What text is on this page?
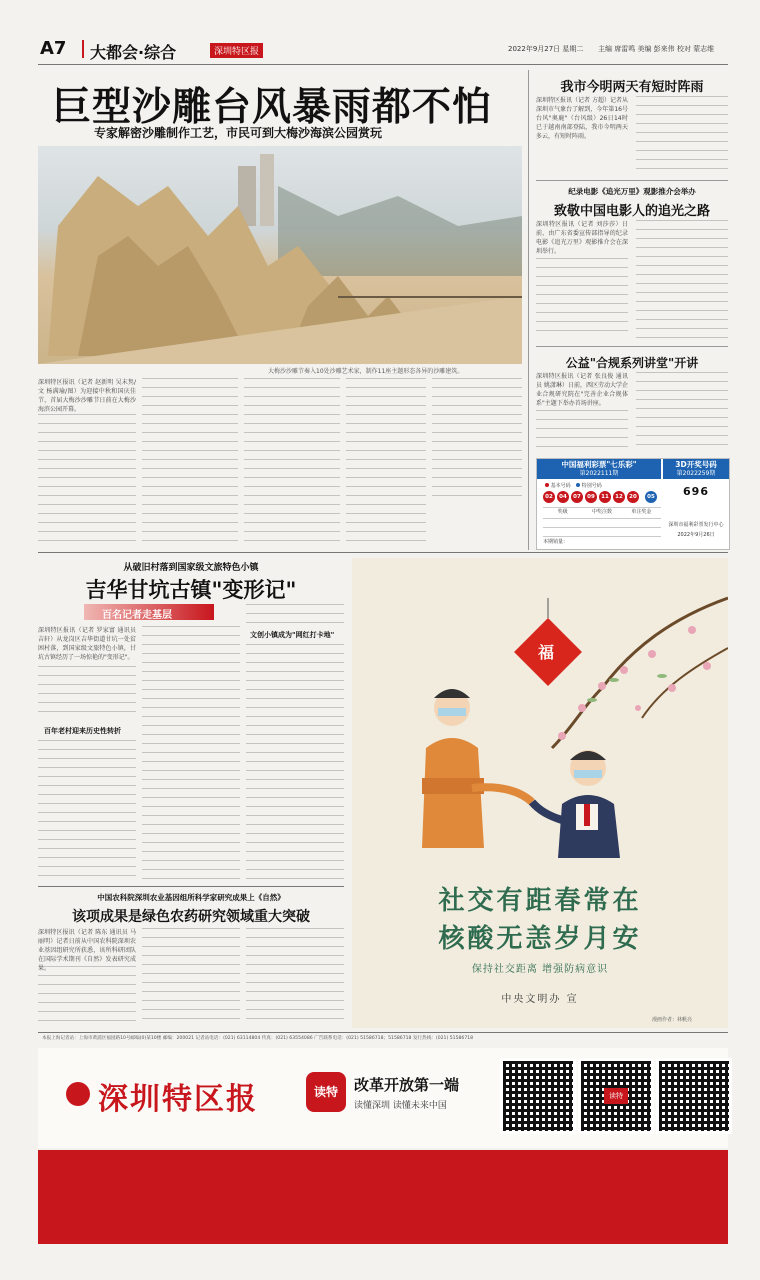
A7 大都会·综合	深圳特区报	2022年9月27日 星期二 主编 席雷鸣 美编 彭来伟 校对 蒙志维
巨型沙雕台风暴雨都不怕
专家解密沙雕制作工艺，市民可到大梅沙海滨公园赏玩
大梅沙沙雕节奏入10处沙雕艺术家，制作11座主题形态各异的沙雕建筑。
深圳特区报讯（记者 赵新明 吴末隽/文 杨满瑜/图）为迎接中秋和国庆佳节，首届大梅沙沙雕节日前在大梅沙海滨公园开幕。
我市今明两天有短时阵雨
深圳特区报讯（记者 方超）记者从深圳市气象台了解到，今年第16号台风"奥鹿"（台风级）26日14时已于越南南部登陆，我市今明两天多云，有短时阵雨。
纪录电影《追光万里》观影推介会举办
致敬中国电影人的追光之路
深圳特区报讯（记者 刘莎莎）日前，由广东省委宣传部指导的纪录电影《追光万里》观影推介会在深圳举行。
公益"合规系列讲堂"开讲
深圳特区报讯（记者 张良俊 通讯员 姚潇琳）日前，西区劳动大学企业合规研究院在"完善企业合规体系"主题下举办首场讲座。
中国福利彩票"七乐彩"
第2022111期
3D开奖号码
第2022259期
基本号码 特别号码
02	04	07	09	11	12	20	05
奖级	中奖注数	单注奖金
本期销量：
696
深圳市福利彩票发行中心
2022年9月26日
从破旧村落到国家级文旅特色小镇
吉华甘坑古镇"变形记"
百名记者走基层
深圳特区报讯（记者 罗家富 通讯员 吉轩）从龙岗区吉华街道甘坑一处贫困村落，到国家级文旅特色小镇，甘坑古镇经历了一场惊艳的"变形记"。
百年老村迎来历史性转折
文创小镇成为"网红打卡地"
中国农科院深圳农业基因组所科学家研究成果上《自然》
该项成果是绿色农药研究领域重大突破
深圳特区报讯（记者 陈东 通讯员 马丽明）记者日前从中国农科院深圳农业基因组研究所获悉，该所科研团队在国际学术期刊《自然》发表研究成果。
福
社交有距春常在
核酸无恙岁月安
保持社交距离 增强防病意识
中央文明办 宣
漫画作者：林帆亮
本报上海记者站：上海市黄浦区福园路10号邮编(0)某10楼 邮编：200021 记者站电话：(021) 63114804 传真：(021) 63554086 广告联系电话：(021) 51586718；51586718 发行热线：(021) 51586718
深圳特区报	读特	改革开放第一端
读懂深圳 读懂未来中国
读特
